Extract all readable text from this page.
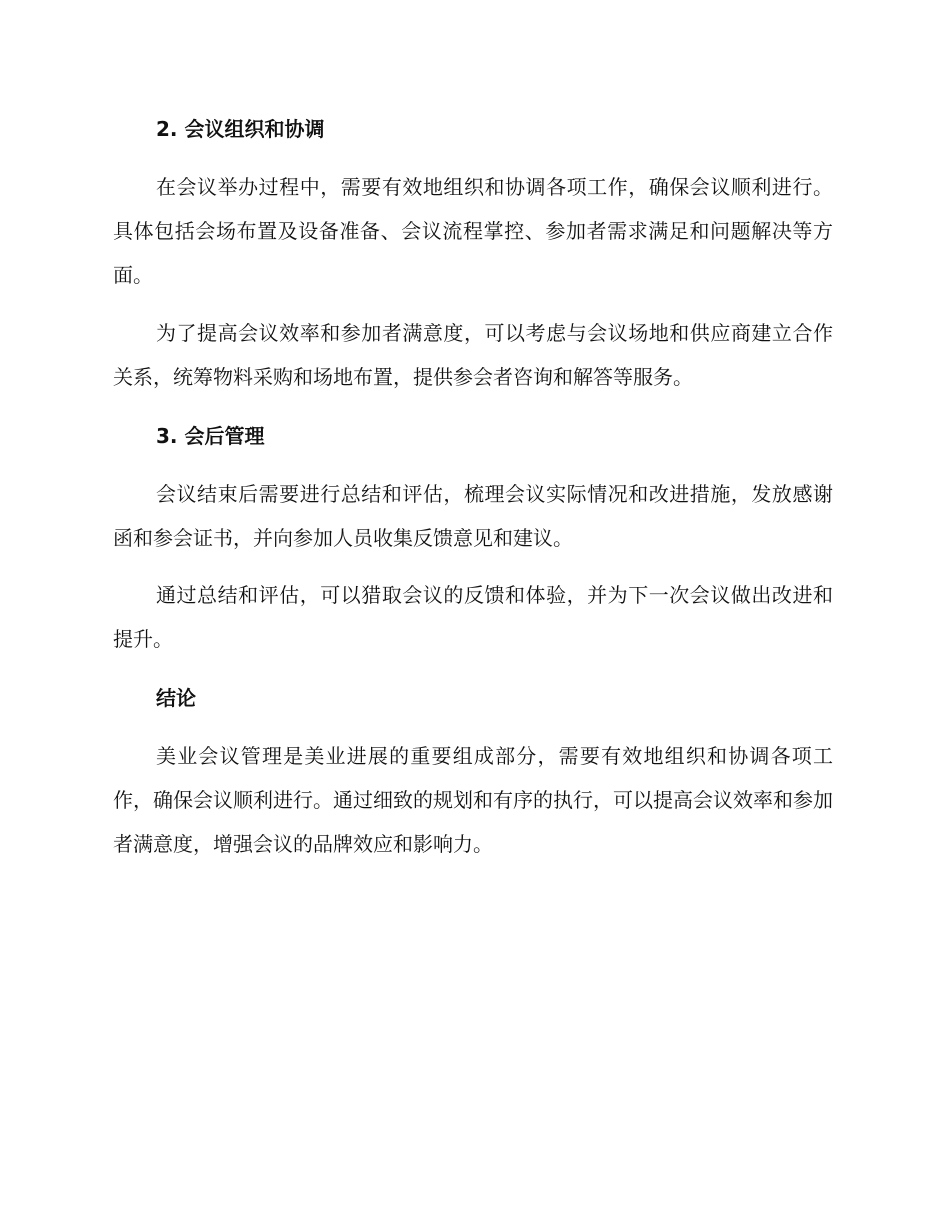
2. 会议组织和协调

在会议举办过程中，需要有效地组织和协调各项工作，确保会议顺利进行。具体包括会场布置及设备准备、会议流程掌控、参加者需求满足和问题解决等方面。

为了提高会议效率和参加者满意度，可以考虑与会议场地和供应商建立合作关系，统筹物料采购和场地布置，提供参会者咨询和解答等服务。

3. 会后管理

会议结束后需要进行总结和评估，梳理会议实际情况和改进措施，发放感谢函和参会证书，并向参加人员收集反馈意见和建议。

通过总结和评估，可以猎取会议的反馈和体验，并为下一次会议做出改进和提升。

结论

美业会议管理是美业进展的重要组成部分，需要有效地组织和协调各项工作，确保会议顺利进行。通过细致的规划和有序的执行，可以提高会议效率和参加者满意度，增强会议的品牌效应和影响力。
